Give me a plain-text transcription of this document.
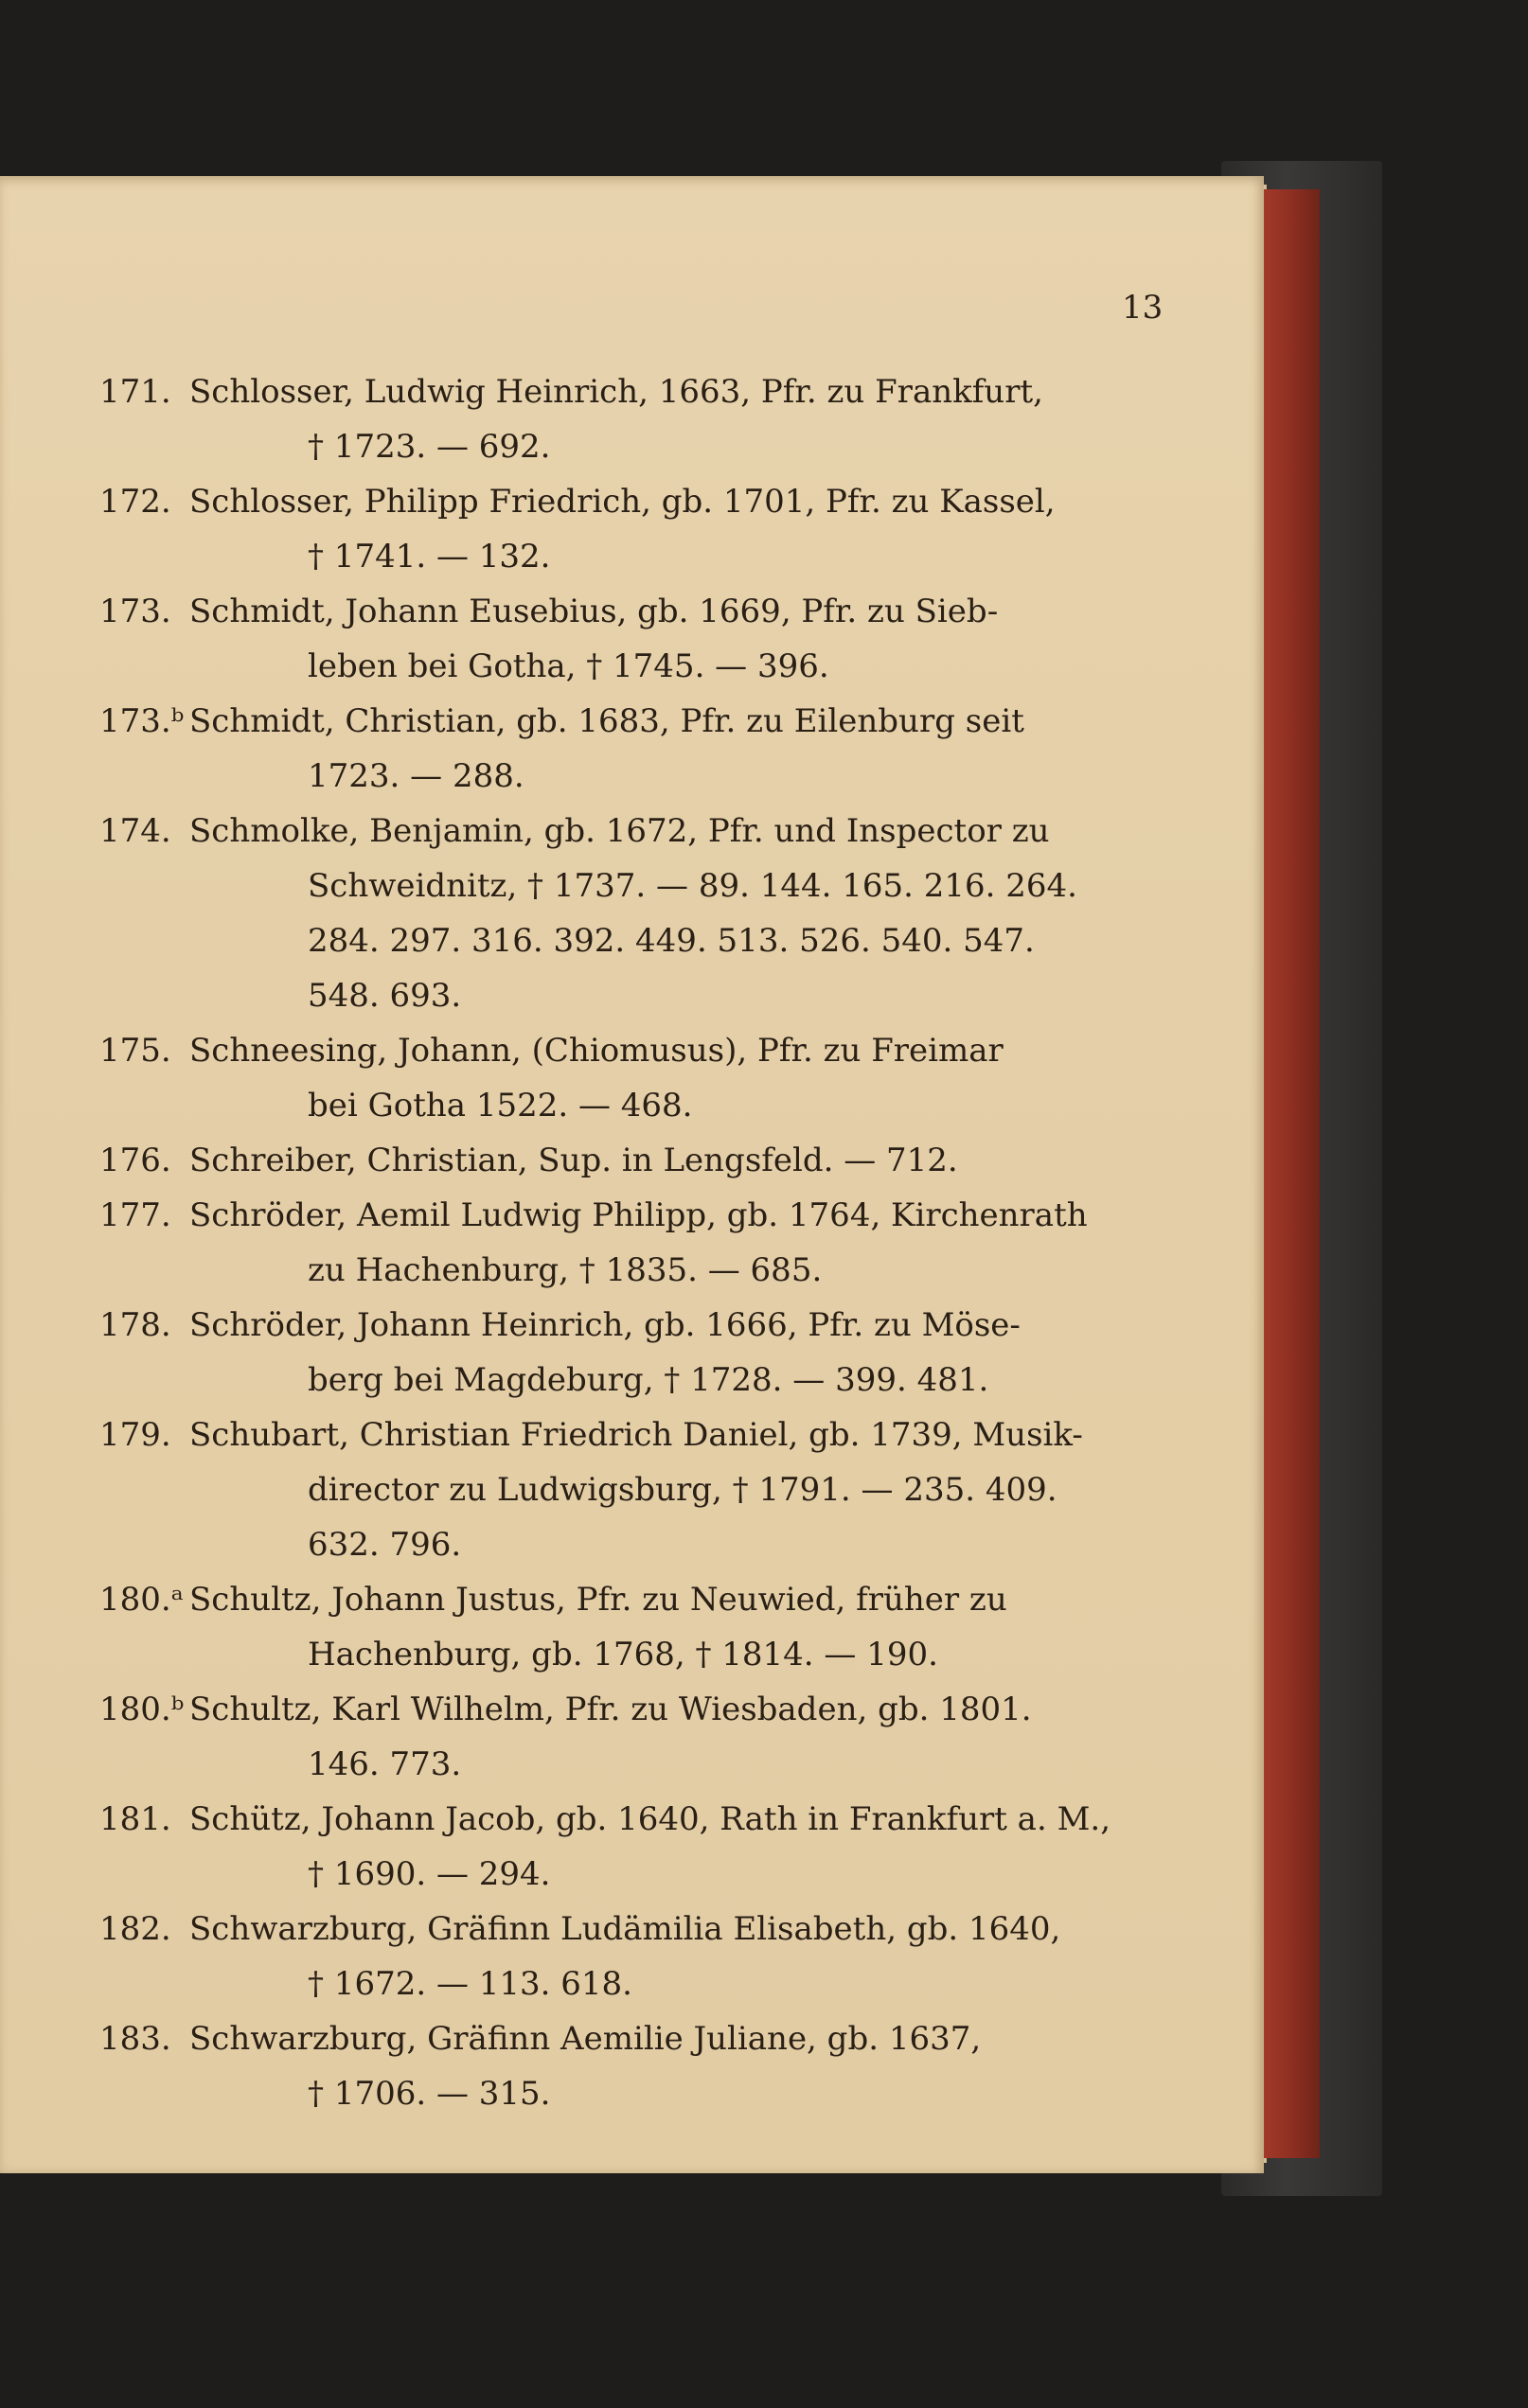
13
171. Schlosser, Ludwig Heinrich, 1663, Pfr. zu Frankfurt,
† 1723. — 692.
172. Schlosser, Philipp Friedrich, gb. 1701, Pfr. zu Kassel,
† 1741. — 132.
173. Schmidt, Johann Eusebius, gb. 1669, Pfr. zu Sieb-
leben bei Gotha, † 1745. — 396.
173.ᵇ Schmidt, Christian, gb. 1683, Pfr. zu Eilenburg seit
1723. — 288.
174. Schmolke, Benjamin, gb. 1672, Pfr. und Inspector zu
Schweidnitz, † 1737. — 89. 144. 165. 216. 264.
284. 297. 316. 392. 449. 513. 526. 540. 547.
548. 693.
175. Schneesing, Johann, (Chiomusus), Pfr. zu Freimar
bei Gotha 1522. — 468.
176. Schreiber, Christian, Sup. in Lengsfeld. — 712.
177. Schröder, Aemil Ludwig Philipp, gb. 1764, Kirchenrath
zu Hachenburg, † 1835. — 685.
178. Schröder, Johann Heinrich, gb. 1666, Pfr. zu Möse-
berg bei Magdeburg, † 1728. — 399. 481.
179. Schubart, Christian Friedrich Daniel, gb. 1739, Musik-
director zu Ludwigsburg, † 1791. — 235. 409.
632. 796.
180.ᵃ Schultz, Johann Justus, Pfr. zu Neuwied, früher zu
Hachenburg, gb. 1768, † 1814. — 190.
180.ᵇ Schultz, Karl Wilhelm, Pfr. zu Wiesbaden, gb. 1801.
146. 773.
181. Schütz, Johann Jacob, gb. 1640, Rath in Frankfurt a. M.,
† 1690. — 294.
182. Schwarzburg, Gräfinn Ludämilia Elisabeth, gb. 1640,
† 1672. — 113. 618.
183. Schwarzburg, Gräfinn Aemilie Juliane, gb. 1637,
† 1706. — 315.
